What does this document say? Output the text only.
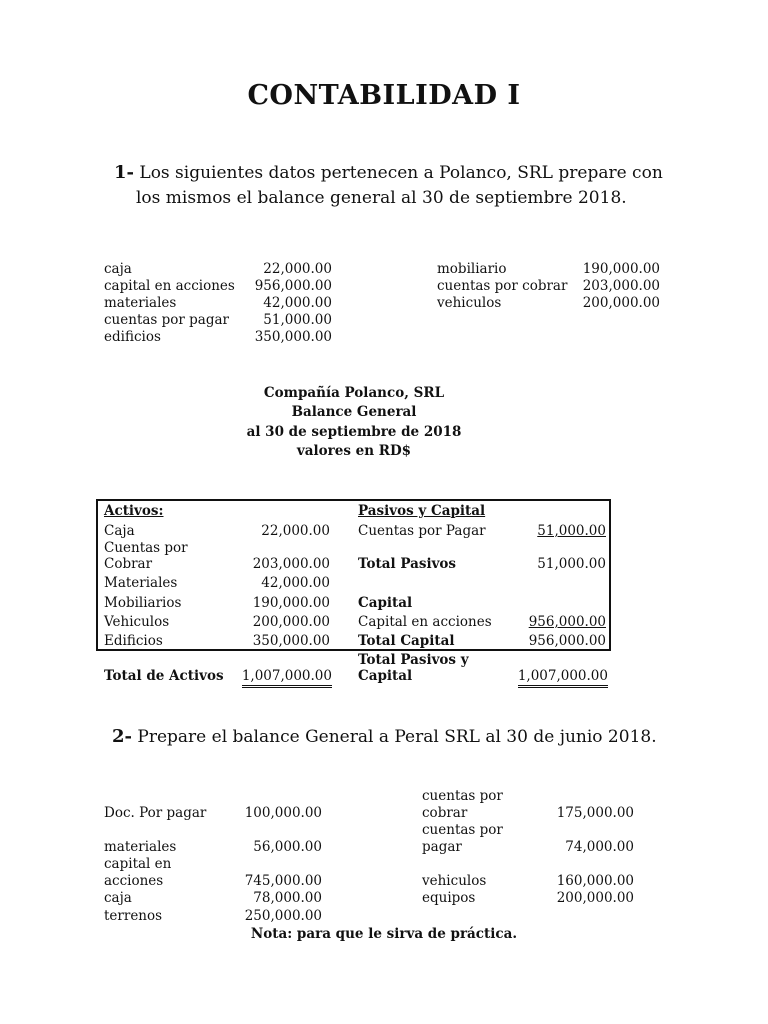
CONTABILIDAD I
1- Los siguientes datos pertenecen a Polanco, SRL prepare con
los mismos el balance general al 30 de septiembre 2018.
caja	22,000.00
capital en acciones	956,000.00
materiales	42,000.00
cuentas por pagar	51,000.00
edificios	350,000.00
mobiliario	190,000.00
cuentas por cobrar	203,000.00
vehiculos	200,000.00
Compañía Polanco, SRL
Balance General
al 30 de septiembre de 2018
valores en RD$
Activos:
Caja	22,000.00
Cuentas por
Cobrar	203,000.00
Materiales	42,000.00
Mobiliarios	190,000.00
Vehiculos	200,000.00
Edificios	350,000.00
Total de Activos	1,007,000.00
Pasivos y Capital
Cuentas por Pagar	51,000.00
Total Pasivos	51,000.00
Capital
Capital en acciones	956,000.00
Total Capital	956,000.00
Total Pasivos y
Capital	1,007,000.00
2- Prepare el balance General a Peral SRL al 30 de junio 2018.
Doc. Por pagar	100,000.00
materiales	56,000.00
capital en
acciones	745,000.00
caja	78,000.00
terrenos	250,000.00
cuentas por
cobrar	175,000.00
cuentas por
pagar	74,000.00
vehiculos	160,000.00
equipos	200,000.00
Nota: para que le sirva de práctica.
